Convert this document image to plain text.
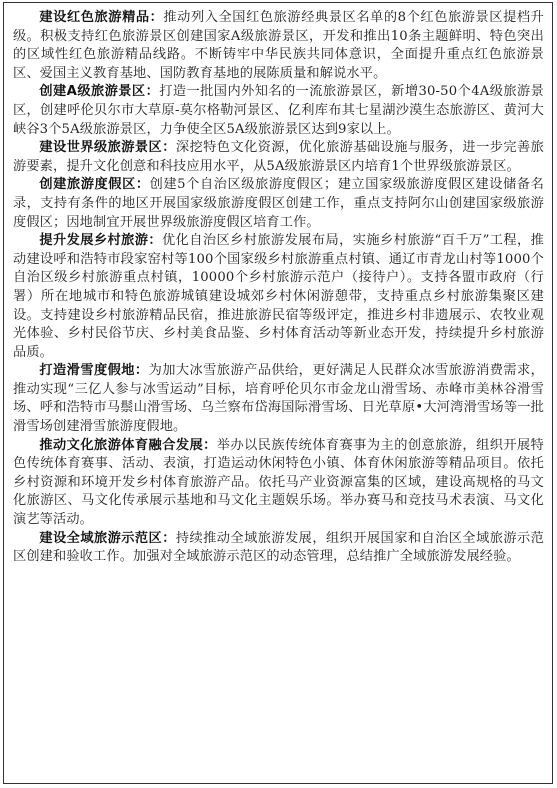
建设红色旅游精品：推动列入全国红色旅游经典景区名单的8个红色旅游景区提档升级。积极支持红色旅游景区创建国家A级旅游景区，开发和推出10条主题鲜明、特色突出的区域性红色旅游精品线路。不断铸牢中华民族共同体意识，全面提升重点红色旅游景区、爱国主义教育基地、国防教育基地的展陈质量和解说水平。

创建A级旅游景区：打造一批国内外知名的一流旅游景区，新增30-50个4A级旅游景区，创建呼伦贝尔市大草原-莫尔格勒河景区、亿利库布其七星湖沙漠生态旅游区、黄河大峡谷3个5A级旅游景区，力争使全区5A级旅游景区达到9家以上。

建设世界级旅游景区：深挖特色文化资源，优化旅游基础设施与服务，进一步完善旅游要素，提升文化创意和科技应用水平，从5A级旅游景区内培育1个世界级旅游景区。

创建旅游度假区：创建5个自治区级旅游度假区；建立国家级旅游度假区建设储备名录，支持有条件的地区开展国家级旅游度假区创建工作，重点支持阿尔山创建国家级旅游度假区；因地制宜开展世界级旅游度假区培育工作。

提升发展乡村旅游：优化自治区乡村旅游发展布局，实施乡村旅游“百千万”工程，推动建设呼和浩特市段家窑村等100个国家级乡村旅游重点村镇、通辽市青龙山村等1000个自治区级乡村旅游重点村镇，10000个乡村旅游示范户（接待户）。支持各盟市政府（行署）所在地城市和特色旅游城镇建设城郊乡村休闲游憩带，支持重点乡村旅游集聚区建设。支持建设乡村旅游精品民宿，推进旅游民宿等级评定，推进乡村非遗展示、农牧业观光体验、乡村民俗节庆、乡村美食品鉴、乡村体育活动等新业态开发，持续提升乡村旅游品质。

打造滑雪度假地：为加大冰雪旅游产品供给，更好满足人民群众冰雪旅游消费需求，推动实现“三亿人参与冰雪运动”目标，培育呼伦贝尔市金龙山滑雪场、赤峰市美林谷滑雪场、呼和浩特市马鬃山滑雪场、乌兰察布岱海国际滑雪场、日光草原•大河湾滑雪场等一批滑雪场创建滑雪旅游度假地。

推动文化旅游体育融合发展：举办以民族传统体育赛事为主的创意旅游，组织开展特色传统体育赛事、活动、表演，打造运动休闲特色小镇、体育休闲旅游等精品项目。依托乡村资源和环境开发乡村体育旅游产品。依托马产业资源富集的区域，建设高规格的马文化旅游区、马文化传承展示基地和马文化主题娱乐场。举办赛马和竞技马术表演、马文化演艺等活动。

建设全域旅游示范区：持续推动全域旅游发展，组织开展国家和自治区全域旅游示范区创建和验收工作。加强对全域旅游示范区的动态管理，总结推广全域旅游发展经验。
